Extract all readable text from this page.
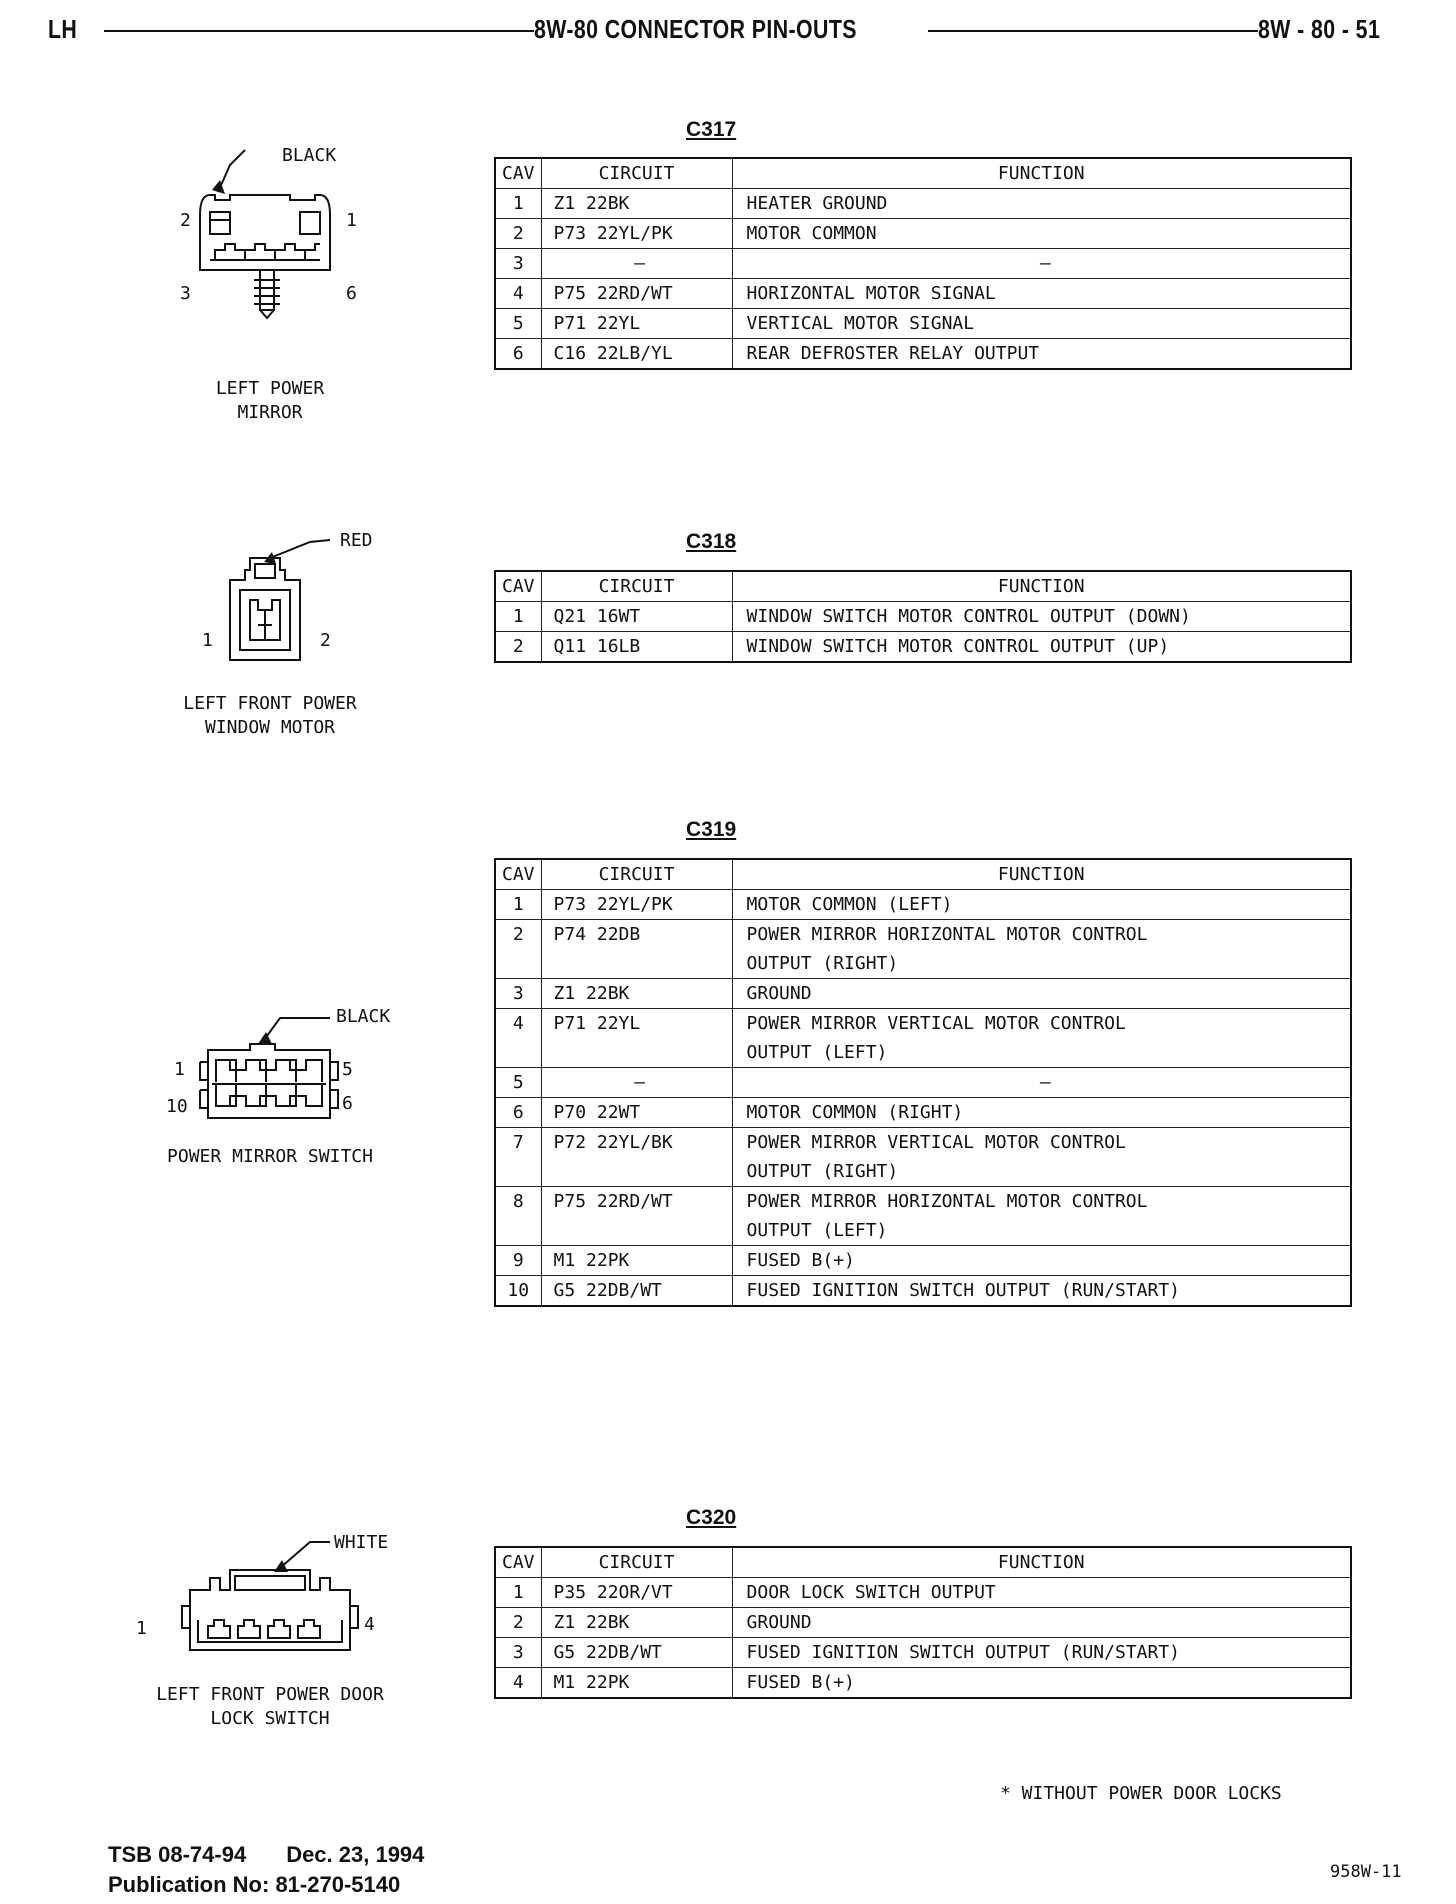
LH	8W-80 CONNECTOR PIN-OUTS	8W - 80 - 51
C317
CAV	CIRCUIT	FUNCTION
1	Z1 22BK	HEATER GROUND
2	P73 22YL/PK	MOTOR COMMON
3	–	–
4	P75 22RD/WT	HORIZONTAL MOTOR SIGNAL
5	P71 22YL	VERTICAL MOTOR SIGNAL
6	C16 22LB/YL	REAR DEFROSTER RELAY OUTPUT
BLACK
2	1
3	6
LEFT POWER
MIRROR
C318
CAV	CIRCUIT	FUNCTION
1	Q21 16WT	WINDOW SWITCH MOTOR CONTROL OUTPUT (DOWN)
2	Q11 16LB	WINDOW SWITCH MOTOR CONTROL OUTPUT (UP)
RED
1	2
LEFT FRONT POWER
WINDOW MOTOR
C319
CAV	CIRCUIT	FUNCTION
1	P73 22YL/PK	MOTOR COMMON (LEFT)
2	P74 22DB	POWER MIRROR HORIZONTAL MOTOR CONTROL
OUTPUT (RIGHT)

3	Z1 22BK	GROUND
4	P71 22YL	POWER MIRROR VERTICAL MOTOR CONTROL
OUTPUT (LEFT)

5	–	–
6	P70 22WT	MOTOR COMMON (RIGHT)
7	P72 22YL/BK	POWER MIRROR VERTICAL MOTOR CONTROL
OUTPUT (RIGHT)

8	P75 22RD/WT	POWER MIRROR HORIZONTAL MOTOR CONTROL
OUTPUT (LEFT)

9	M1 22PK	FUSED B(+)
10	G5 22DB/WT	FUSED IGNITION SWITCH OUTPUT (RUN/START)
BLACK
1	5
10	6
POWER MIRROR SWITCH
C320
CAV	CIRCUIT	FUNCTION
1	P35 22OR/VT	DOOR LOCK SWITCH OUTPUT
2	Z1 22BK	GROUND
3	G5 22DB/WT	FUSED IGNITION SWITCH OUTPUT (RUN/START)
4	M1 22PK	FUSED B(+)
WHITE
1	4
LEFT FRONT POWER DOOR
LOCK SWITCH
* WITHOUT POWER DOOR LOCKS
TSB 08-74-94 Dec. 23, 1994
Publication No: 81-270-5140	958W-11
